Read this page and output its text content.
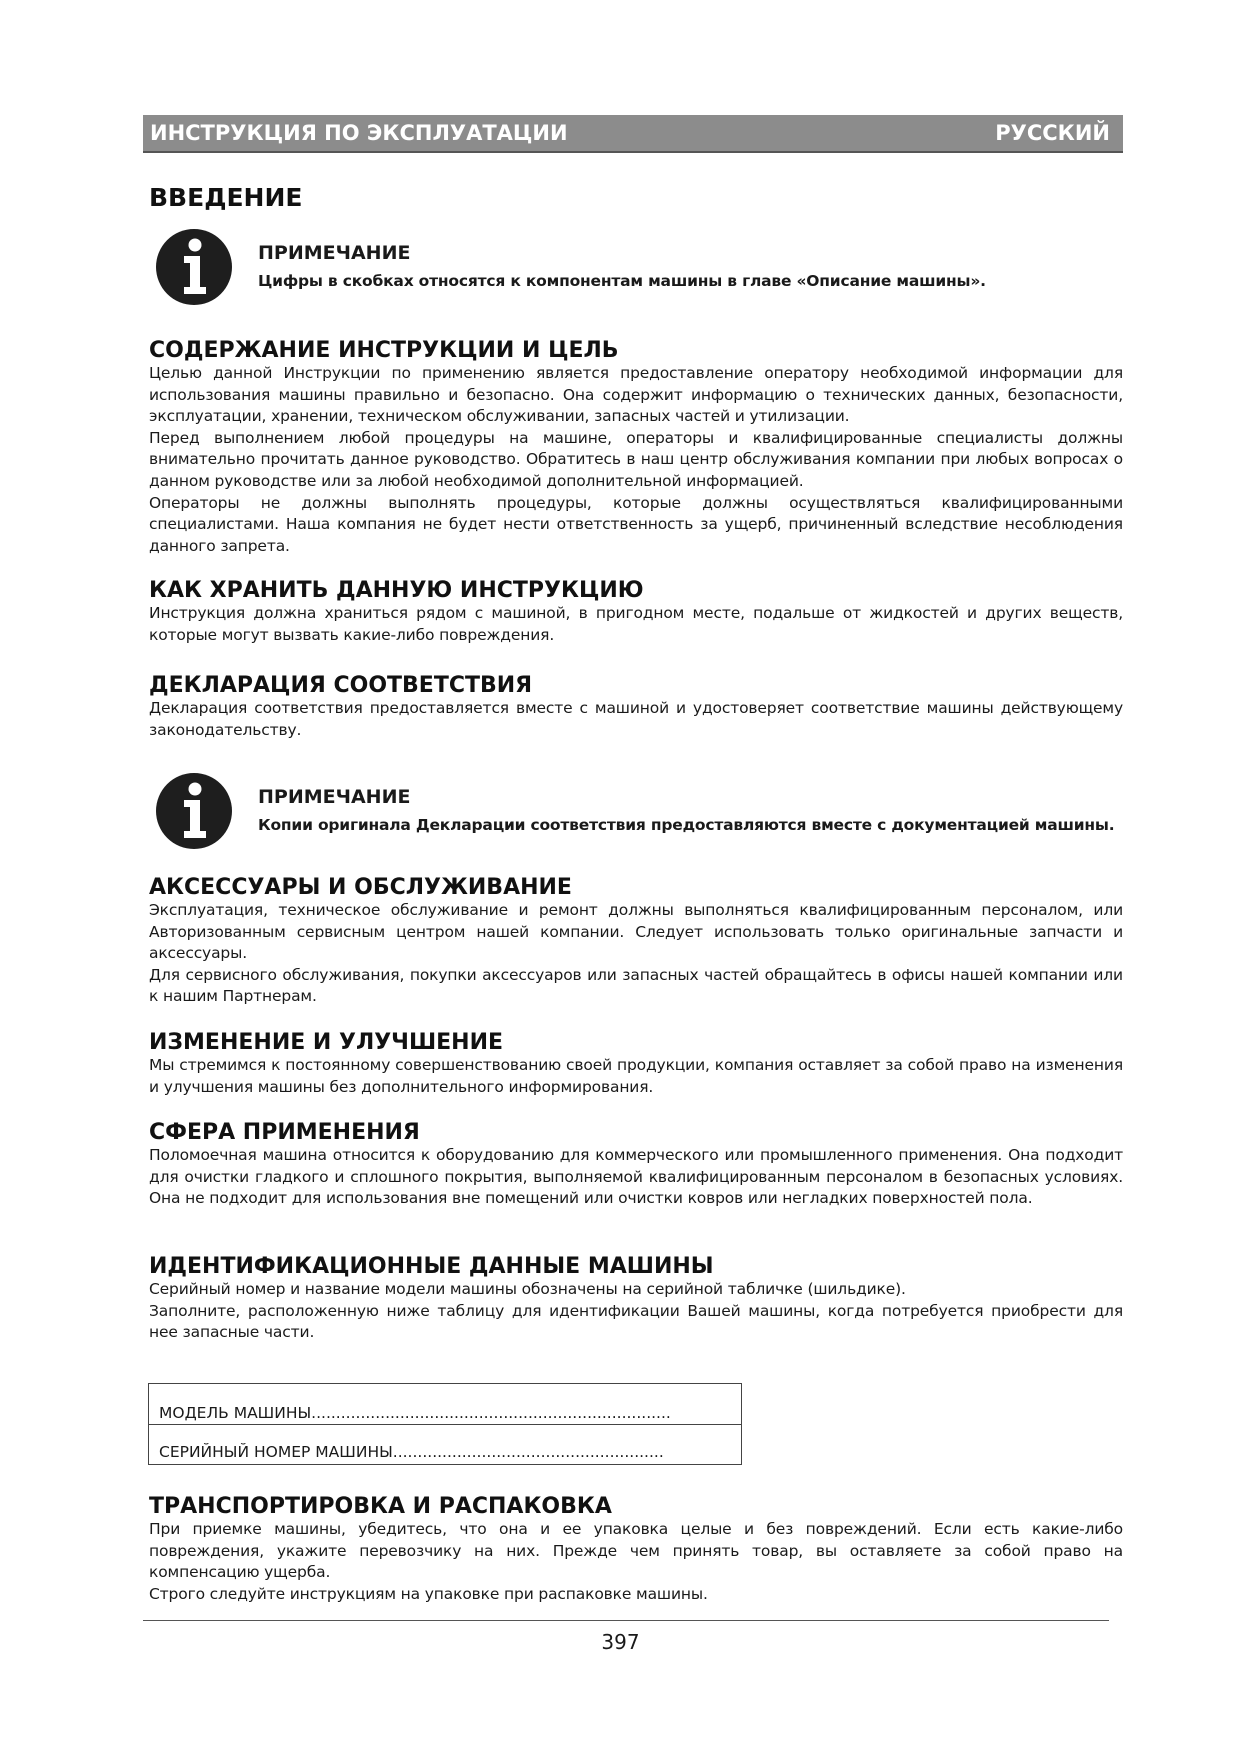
ИНСТРУКЦИЯ ПО ЭКСПЛУАТАЦИИ	РУССКИЙ
ВВЕДЕНИЕ
ПРИМЕЧАНИЕ
Цифры в скобках относятся к компонентам машины в главе «Описание машины».
СОДЕРЖАНИЕ ИНСТРУКЦИИ И ЦЕЛЬ

Целью данной Инструкции по применению является предоставление оператору необходимой информации для использования машины правильно и безопасно. Она содержит информацию о технических данных, безопасности, эксплуатации, хранении, техническом обслуживании, запасных частей и утилизации.

Перед выполнением любой процедуры на машине, операторы и квалифицированные специалисты должны внимательно прочитать данное руководство. Обратитесь в наш центр обслуживания компании при любых вопросах о данном руководстве или за любой необходимой дополнительной информацией.

Операторы не должны выполнять процедуры, которые должны осуществляться квалифицированными специалистами. Наша компания не будет нести ответственность за ущерб, причиненный вследствие несоблюдения данного запрета.

КАК ХРАНИТЬ ДАННУЮ ИНСТРУКЦИЮ

Инструкция должна храниться рядом с машиной, в пригодном месте, подальше от жидкостей и других веществ, которые могут вызвать какие-либо повреждения.

ДЕКЛАРАЦИЯ СООТВЕТСТВИЯ

Декларация соответствия предоставляется вместе с машиной и удостоверяет соответствие машины действующему законодательству.

ПРИМЕЧАНИЕ
Копии оригинала Декларации соответствия предоставляются вместе с документацией машины.
АКСЕССУАРЫ И ОБСЛУЖИВАНИЕ

Эксплуатация, техническое обслуживание и ремонт должны выполняться квалифицированным персоналом, или Авторизованным сервисным центром нашей компании. Следует использовать только оригинальные запчасти и аксессуары.

Для сервисного обслуживания, покупки аксессуаров или запасных частей обращайтесь в офисы нашей компании или к нашим Партнерам.

ИЗМЕНЕНИЕ И УЛУЧШЕНИЕ

Мы стремимся к постоянному совершенствованию своей продукции, компания оставляет за собой право на изменения и улучшения машины без дополнительного информирования.

СФЕРА ПРИМЕНЕНИЯ

Поломоечная машина относится к оборудованию для коммерческого или промышленного применения. Она подходит для очистки гладкого и сплошного покрытия, выполняемой квалифицированным персоналом в безопасных условиях. Она не подходит для использования вне помещений или очистки ковров или негладких поверхностей пола.

ИДЕНТИФИКАЦИОННЫЕ ДАННЫЕ МАШИНЫ

Серийный номер и название модели машины обозначены на серийной табличке (шильдике).

Заполните, расположенную ниже таблицу для идентификации Вашей машины, когда потребуется приобрести для нее запасные части.

МОДЕЛЬ МАШИНЫ.........................................................................
СЕРИЙНЫЙ НОМЕР МАШИНЫ.......................................................
ТРАНСПОРТИРОВКА И РАСПАКОВКА

При приемке машины, убедитесь, что она и ее упаковка целые и без повреждений. Если есть какие-либо повреждения, укажите перевозчику на них. Прежде чем принять товар, вы оставляете за собой право на компенсацию ущерба.

Строго следуйте инструкциям на упаковке при распаковке машины.

397
